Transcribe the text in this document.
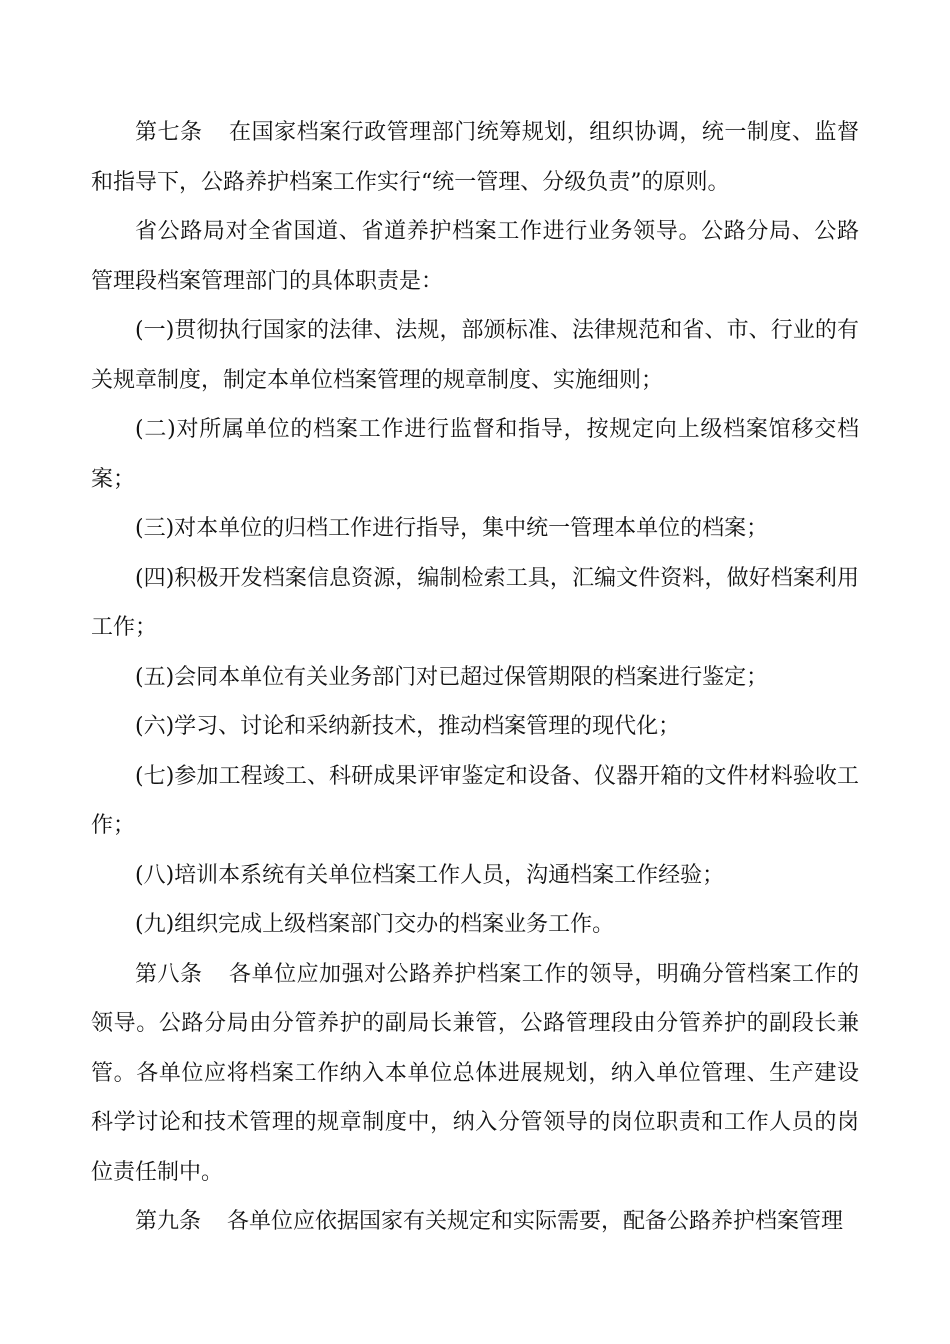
第七条 在国家档案行政管理部门统筹规划，组织协调，统一制度、监督和指导下，公路养护档案工作实行“统一管理、分级负责”的原则。

省公路局对全省国道、省道养护档案工作进行业务领导。公路分局、公路管理段档案管理部门的具体职责是：

(一)贯彻执行国家的法律、法规，部颁标准、法律规范和省、市、行业的有关规章制度，制定本单位档案管理的规章制度、实施细则；

(二)对所属单位的档案工作进行监督和指导，按规定向上级档案馆移交档案；

(三)对本单位的归档工作进行指导，集中统一管理本单位的档案；

(四)积极开发档案信息资源，编制检索工具，汇编文件资料，做好档案利用工作；

(五)会同本单位有关业务部门对已超过保管期限的档案进行鉴定；

(六)学习、讨论和采纳新技术，推动档案管理的现代化；

(七)参加工程竣工、科研成果评审鉴定和设备、仪器开箱的文件材料验收工作；

(八)培训本系统有关单位档案工作人员，沟通档案工作经验；

(九)组织完成上级档案部门交办的档案业务工作。

第八条 各单位应加强对公路养护档案工作的领导，明确分管档案工作的领导。公路分局由分管养护的副局长兼管，公路管理段由分管养护的副段长兼管。各单位应将档案工作纳入本单位总体进展规划，纳入单位管理、生产建设科学讨论和技术管理的规章制度中，纳入分管领导的岗位职责和工作人员的岗位责任制中。

第九条 各单位应依据国家有关规定和实际需要，配备公路养护档案管理
